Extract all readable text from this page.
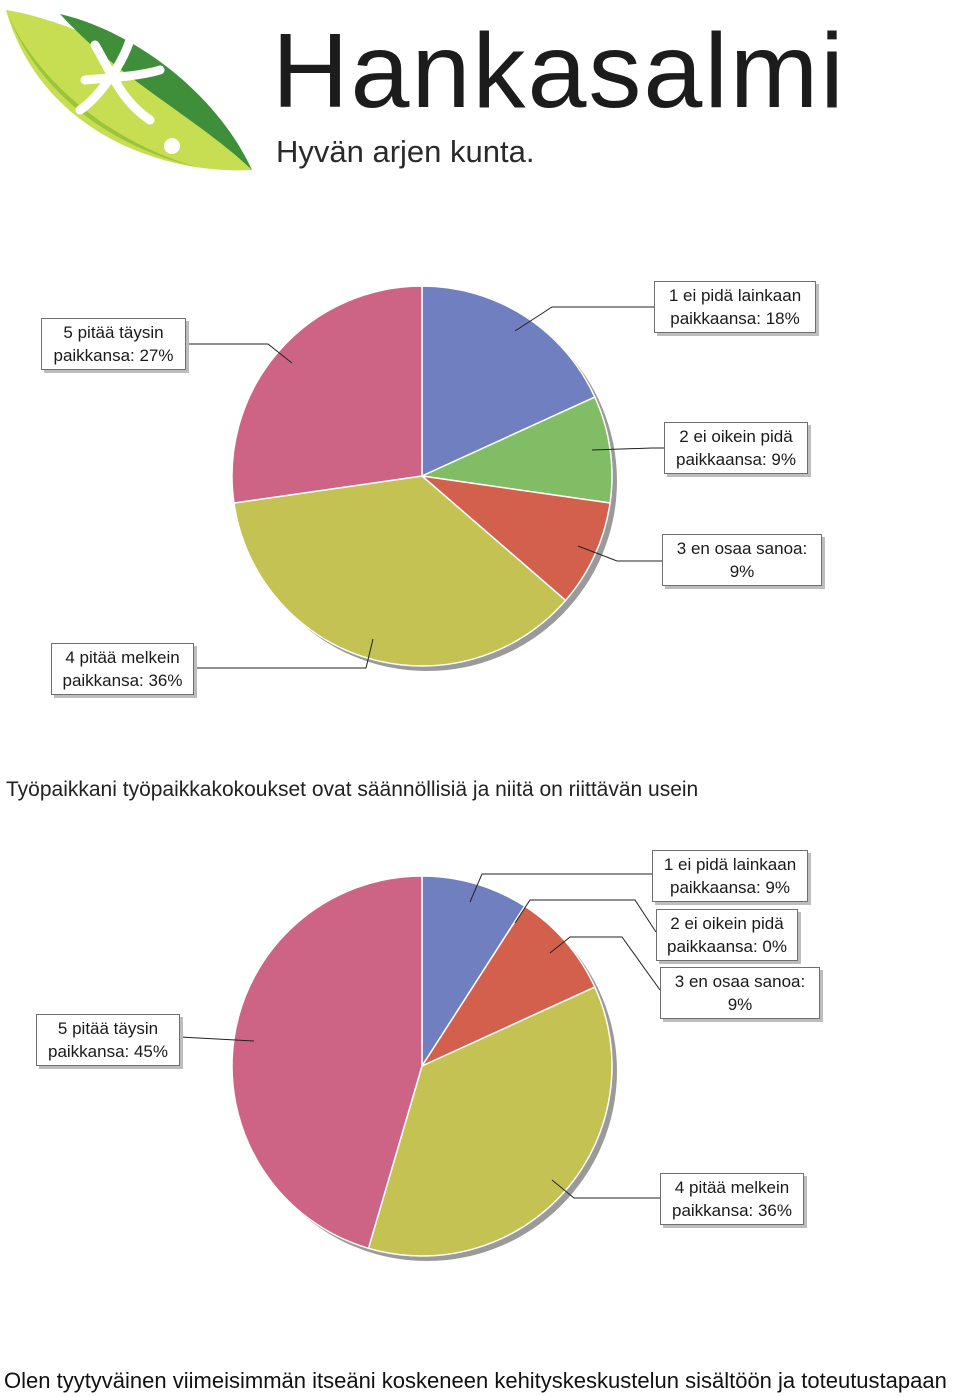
Hankasalmi
Hyvän arjen kunta.
1 ei pidä lainkaan
paikkaansa: 18%
2 ei oikein pidä
paikkaansa: 9%
3 en osaa sanoa:
9%
4 pitää melkein
paikkansa: 36%
5 pitää täysin
paikkansa: 27%
Työpaikkani työpaikkakokoukset ovat säännöllisiä ja niitä on riittävän usein
1 ei pidä lainkaan
paikkaansa: 9%
2 ei oikein pidä
paikkaansa: 0%
3 en osaa sanoa:
9%
4 pitää melkein
paikkansa: 36%
5 pitää täysin
paikkansa: 45%
Olen tyytyväinen viimeisimmän itseäni koskeneen kehityskeskustelun sisältöön ja toteutustapaan
